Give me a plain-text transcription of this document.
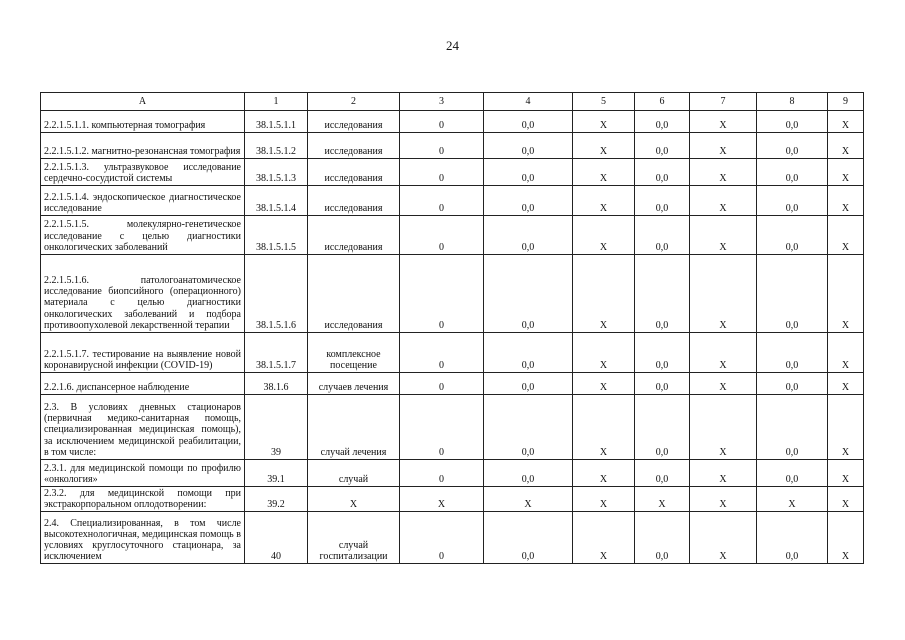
24
А	1	2	3	4	5	6	7	8	9
2.2.1.5.1.1. компьютерная томография	38.1.5.1.1	исследования	0	0,0	Х	0,0	Х	0,0	Х
2.2.1.5.1.2. магнитно-резонансная томография	38.1.5.1.2	исследования	0	0,0	Х	0,0	Х	0,0	Х
2.2.1.5.1.3. ультразвуковое исследование сердечно-сосудистой системы	38.1.5.1.3	исследования	0	0,0	Х	0,0	Х	0,0	Х
2.2.1.5.1.4. эндоскопическое диагностическое исследование	38.1.5.1.4	исследования	0	0,0	Х	0,0	Х	0,0	Х
2.2.1.5.1.5. молекулярно-генетическое исследование с целью диагностики онкологических заболеваний	38.1.5.1.5	исследования	0	0,0	Х	0,0	Х	0,0	Х
2.2.1.5.1.6. патологоанатомическое исследование биопсийного (операционного) материала с целью диагностики онкологических заболеваний и подбора противоопухолевой лекарственной терапии	38.1.5.1.6	исследования	0	0,0	Х	0,0	Х	0,0	Х
2.2.1.5.1.7. тестирование на выявление новой коронавирусной инфекции (COVID-19)	38.1.5.1.7	комплексное посещение	0	0,0	Х	0,0	Х	0,0	Х
2.2.1.6. диспансерное наблюдение	38.1.6	случаев лечения	0	0,0	Х	0,0	Х	0,0	Х
2.3. В условиях дневных стационаров (первичная медико-санитарная помощь, специализированная медицинская помощь), за исключением медицинской реабилитации, в том числе:	39	случай лечения	0	0,0	Х	0,0	Х	0,0	Х
2.3.1. для медицинской помощи по профилю «онкология»	39.1	случай	0	0,0	Х	0,0	Х	0,0	Х
2.3.2. для медицинской помощи при экстракорпоральном оплодотворении:	39.2	Х	Х	Х	Х	Х	Х	Х	Х
2.4. Специализированная, в том числе высокотехнологичная, медицинская помощь в условиях круглосуточного стационара, за исключением	40	случай госпитализации	0	0,0	Х	0,0	Х	0,0	Х
